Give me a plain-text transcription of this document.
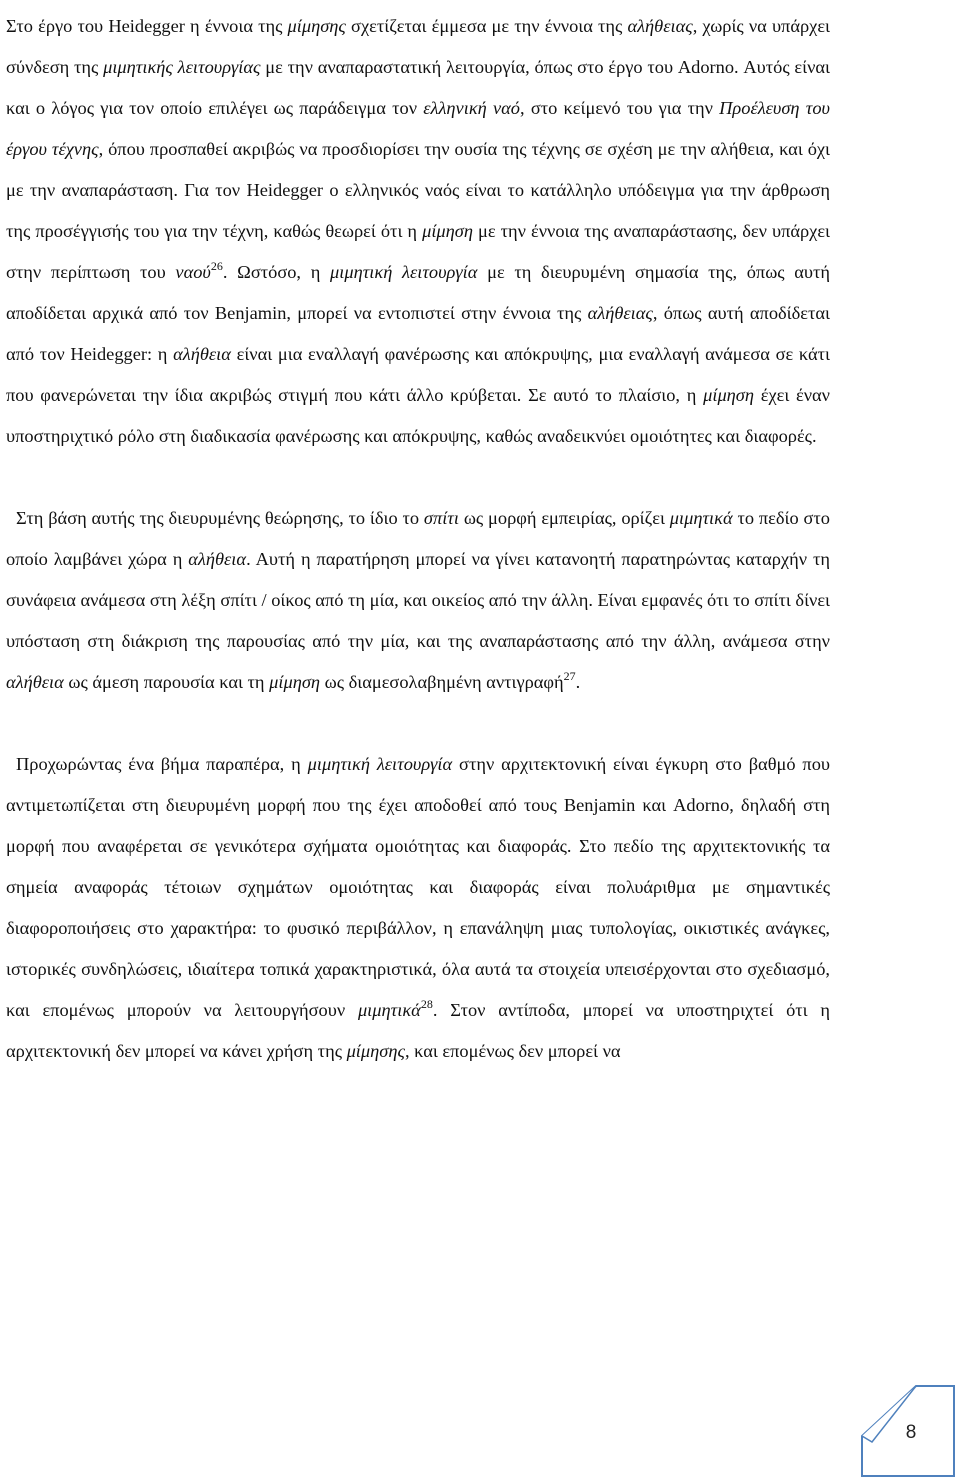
Στο έργο του Heidegger η έννοια της μίμησης σχετίζεται έμμεσα με την έννοια της αλήθειας, χωρίς να υπάρχει σύνδεση της μιμητικής λειτουργίας με την αναπαραστατική λειτουργία, όπως στο έργο του Adorno. Αυτός είναι και ο λόγος για τον οποίο επιλέγει ως παράδειγμα τον ελληνική ναό, στο κείμενό του για την Προέλευση του έργου τέχνης, όπου προσπαθεί ακριβώς να προσδιορίσει την ουσία της τέχνης σε σχέση με την αλήθεια, και όχι με την αναπαράσταση. Για τον Heidegger ο ελληνικός ναός είναι το κατάλληλο υπόδειγμα για την άρθρωση της προσέγγισής του για την τέχνη, καθώς θεωρεί ότι η μίμηση με την έννοια της αναπαράστασης, δεν υπάρχει στην περίπτωση του ναού$^{26}$. Ωστόσο, η μιμητική λειτουργία με τη διευρυμένη σημασία της, όπως αυτή αποδίδεται αρχικά από τον Benjamin, μπορεί να εντοπιστεί στην έννοια της αλήθειας, όπως αυτή αποδίδεται από τον Heidegger: η αλήθεια είναι μια εναλλαγή φανέρωσης και απόκρυψης, μια εναλλαγή ανάμεσα σε κάτι που φανερώνεται την ίδια ακριβώς στιγμή που κάτι άλλο κρύβεται. Σε αυτό το πλαίσιο, η μίμηση έχει έναν υποστηριχτικό ρόλο στη διαδικασία φανέρωσης και απόκρυψης, καθώς αναδεικνύει ομοιότητες και διαφορές.

Στη βάση αυτής της διευρυμένης θεώρησης, το ίδιο το σπίτι ως μορφή εμπειρίας, ορίζει μιμητικά το πεδίο στο οποίο λαμβάνει χώρα η αλήθεια. Αυτή η παρατήρηση μπορεί να γίνει κατανοητή παρατηρώντας καταρχήν τη συνάφεια ανάμεσα στη λέξη σπίτι / οίκος από τη μία, και οικείος από την άλλη. Είναι εμφανές ότι το σπίτι δίνει υπόσταση στη διάκριση της παρουσίας από την μία, και της αναπαράστασης από την άλλη, ανάμεσα στην αλήθεια ως άμεση παρουσία και τη μίμηση ως διαμεσολαβημένη αντιγραφή$^{27}$.

Προχωρώντας ένα βήμα παραπέρα, η μιμητική λειτουργία στην αρχιτεκτονική είναι έγκυρη στο βαθμό που αντιμετωπίζεται στη διευρυμένη μορφή που της έχει αποδοθεί από τους Benjamin και Adorno, δηλαδή στη μορφή που αναφέρεται σε γενικότερα σχήματα ομοιότητας και διαφοράς. Στο πεδίο της αρχιτεκτονικής τα σημεία αναφοράς τέτοιων σχημάτων ομοιότητας και διαφοράς είναι πολυάριθμα με σημαντικές διαφοροποιήσεις στο χαρακτήρα: το φυσικό περιβάλλον, η επανάληψη μιας τυπολογίας, οικιστικές ανάγκες, ιστορικές συνδηλώσεις, ιδιαίτερα τοπικά χαρακτηριστικά, όλα αυτά τα στοιχεία υπεισέρχονται στο σχεδιασμό, και επομένως μπορούν να λειτουργήσουν μιμητικά$^{28}$. Στον αντίποδα, μπορεί να υποστηριχτεί ότι η αρχιτεκτονική δεν μπορεί να κάνει χρήση της μίμησης, και επομένως δεν μπορεί να

8
